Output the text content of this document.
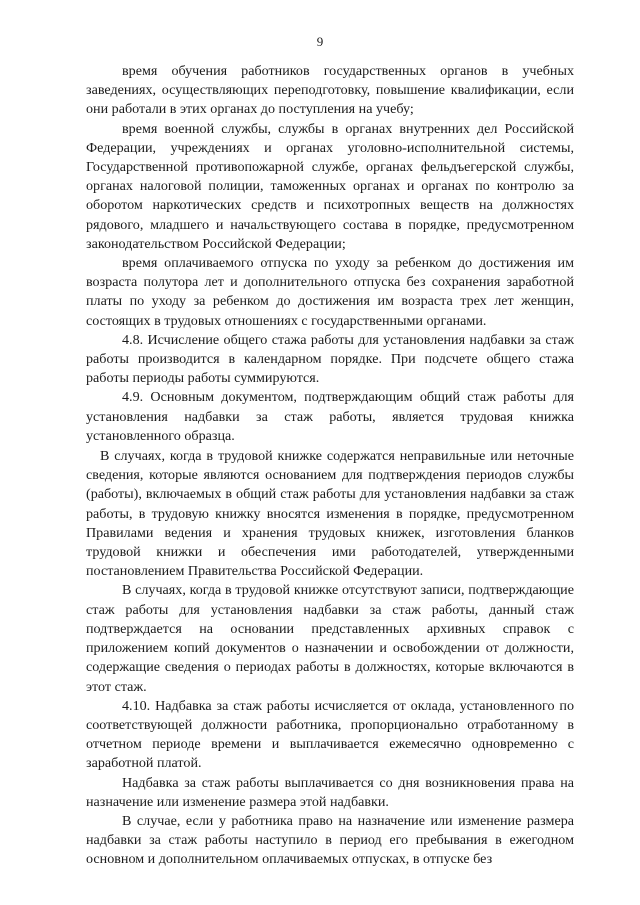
9

время обучения работников государственных органов в учебных заведениях, осуществляющих переподготовку, повышение квалификации, если они работали в этих органах до поступления на учебу;

время военной службы, службы в органах внутренних дел Российской Федерации, учреждениях и органах уголовно-исполнительной системы, Государственной противопожарной службе, органах фельдъегерской службы, органах налоговой полиции, таможенных органах и органах по контролю за оборотом наркотических средств и психотропных веществ на должностях рядового, младшего и начальствующего состава в порядке, предусмотренном законодательством Российской Федерации;

время оплачиваемого отпуска по уходу за ребенком до достижения им возраста полутора лет и дополнительного отпуска без сохранения заработной платы по уходу за ребенком до достижения им возраста трех лет женщин, состоящих в трудовых отношениях с государственными органами.

4.8. Исчисление общего стажа работы для установления надбавки за стаж работы производится в календарном порядке. При подсчете общего стажа работы периоды работы суммируются.

4.9. Основным документом, подтверждающим общий стаж работы для установления надбавки за стаж работы, является трудовая книжка установленного образца.

В случаях, когда в трудовой книжке содержатся неправильные или неточные сведения, которые являются основанием для подтверждения периодов службы (работы), включаемых в общий стаж работы для установления надбавки за стаж работы, в трудовую книжку вносятся изменения в порядке, предусмотренном Правилами ведения и хранения трудовых книжек, изготовления бланков трудовой книжки и обеспечения ими работодателей, утвержденными постановлением Правительства Российской Федерации.

В случаях, когда в трудовой книжке отсутствуют записи, подтверждающие стаж работы для установления надбавки за стаж работы, данный стаж подтверждается на основании представленных архивных справок с приложением копий документов о назначении и освобождении от должности, содержащие сведения о периодах работы в должностях, которые включаются в этот стаж.

4.10. Надбавка за стаж работы исчисляется от оклада, установленного по соответствующей должности работника, пропорционально отработанному в отчетном периоде времени и выплачивается ежемесячно одновременно с заработной платой.

Надбавка за стаж работы выплачивается со дня возникновения права на назначение или изменение размера этой надбавки.

В случае, если у работника право на назначение или изменение размера надбавки за стаж работы наступило в период его пребывания в ежегодном основном и дополнительном оплачиваемых отпусках, в отпуске без
